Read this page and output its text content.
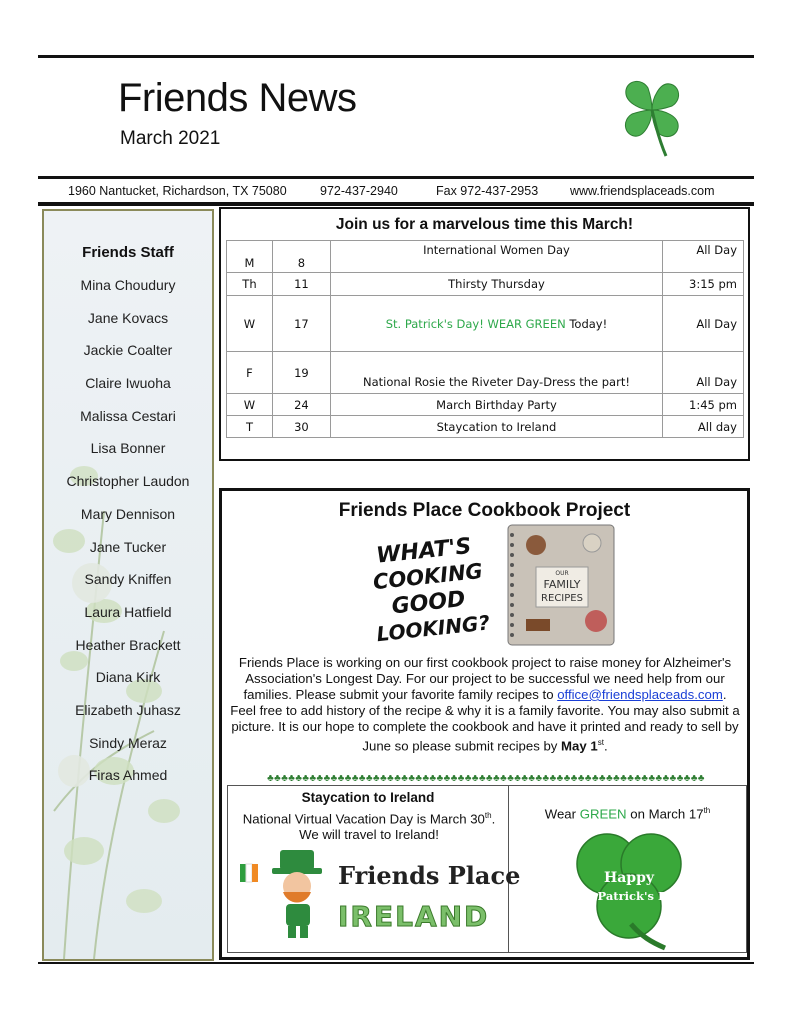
Friends News
March 2021
1960 Nantucket, Richardson, TX 75080	972-437-2940	Fax 972-437-2953	www.friendsplaceads.com
Friends Staff
Mina Choudury
Jane Kovacs
Jackie Coalter
Claire Iwuoha
Malissa Cestari
Lisa Bonner
Christopher Laudon
Mary Dennison
Jane Tucker
Sandy Kniffen
Laura Hatfield
Heather Brackett
Diana Kirk
Elizabeth Juhasz
Sindy Meraz
Firas Ahmed
Join us for a marvelous time this March!
M	8	International Women Day	All Day
Th	11	Thirsty Thursday	3:15 pm
W	17	St. Patrick's Day! WEAR GREEN Today!	All Day
F	19	National Rosie the Riveter Day-Dress the part!	All Day
W	24	March Birthday Party	1:45 pm
T	30	Staycation to Ireland	All day
Friends Place Cookbook Project
WHAT'S
COOKING
GOOD
LOOKING?
OUR
FAMILY
RECIPES
Friends Place is working on our first cookbook project to raise money for Alzheimer's Association's Longest Day. For our project to be successful we need help from our families. Please submit your favorite family recipes to office@friendsplaceads.com. Feel free to add history of the recipe & why it is a family favorite. You may also submit a picture. It is our hope to complete the cookbook and have it printed and ready to sell by June so please submit recipes by May 1st.
♣♣♣♣♣♣♣♣♣♣♣♣♣♣♣♣♣♣♣♣♣♣♣♣♣♣♣♣♣♣♣♣♣♣♣♣♣♣♣♣♣♣♣♣♣♣♣♣♣♣♣♣♣♣♣♣♣♣♣♣♣♣
Staycation to Ireland
National Virtual Vacation Day is March 30th. We will travel to Ireland!
Friends Place
IRELAND
Wear GREEN on March 17th
Happy
St. Patrick's Day
